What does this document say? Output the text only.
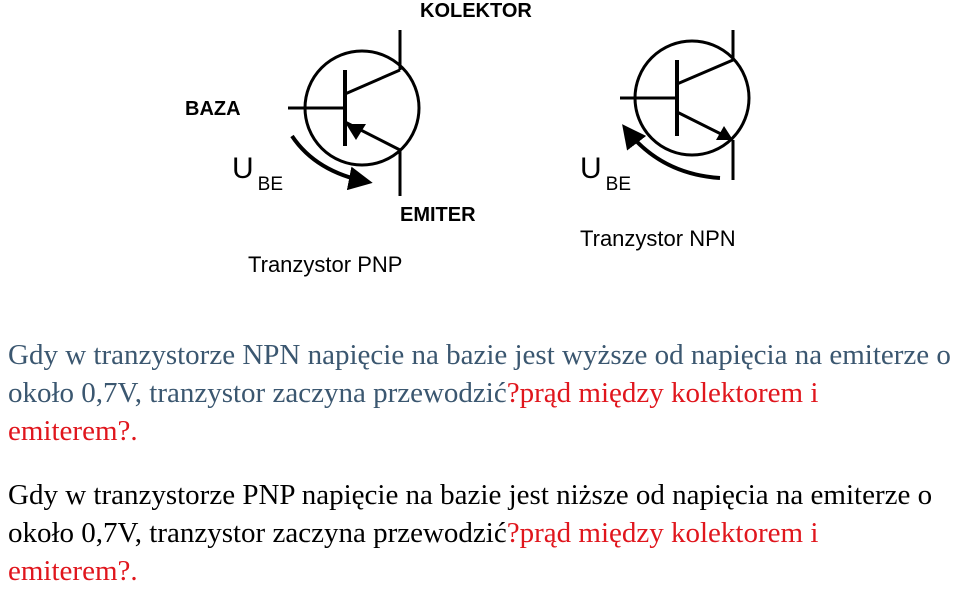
KOLEKTOR
BAZA
EMITER
U $_{BE}$	U $_{BE}$
Tranzystor PNP
Tranzystor NPN

Gdy w tranzystorze NPN napięcie na bazie jest wyższe od napięcia na emiterze o około 0,7V, tranzystor zaczyna przewodzić?prąd między kolektorem i emiterem?.

Gdy w tranzystorze PNP napięcie na bazie jest niższe od napięcia na emiterze o około 0,7V, tranzystor zaczyna przewodzić?prąd między kolektorem i emiterem?.
